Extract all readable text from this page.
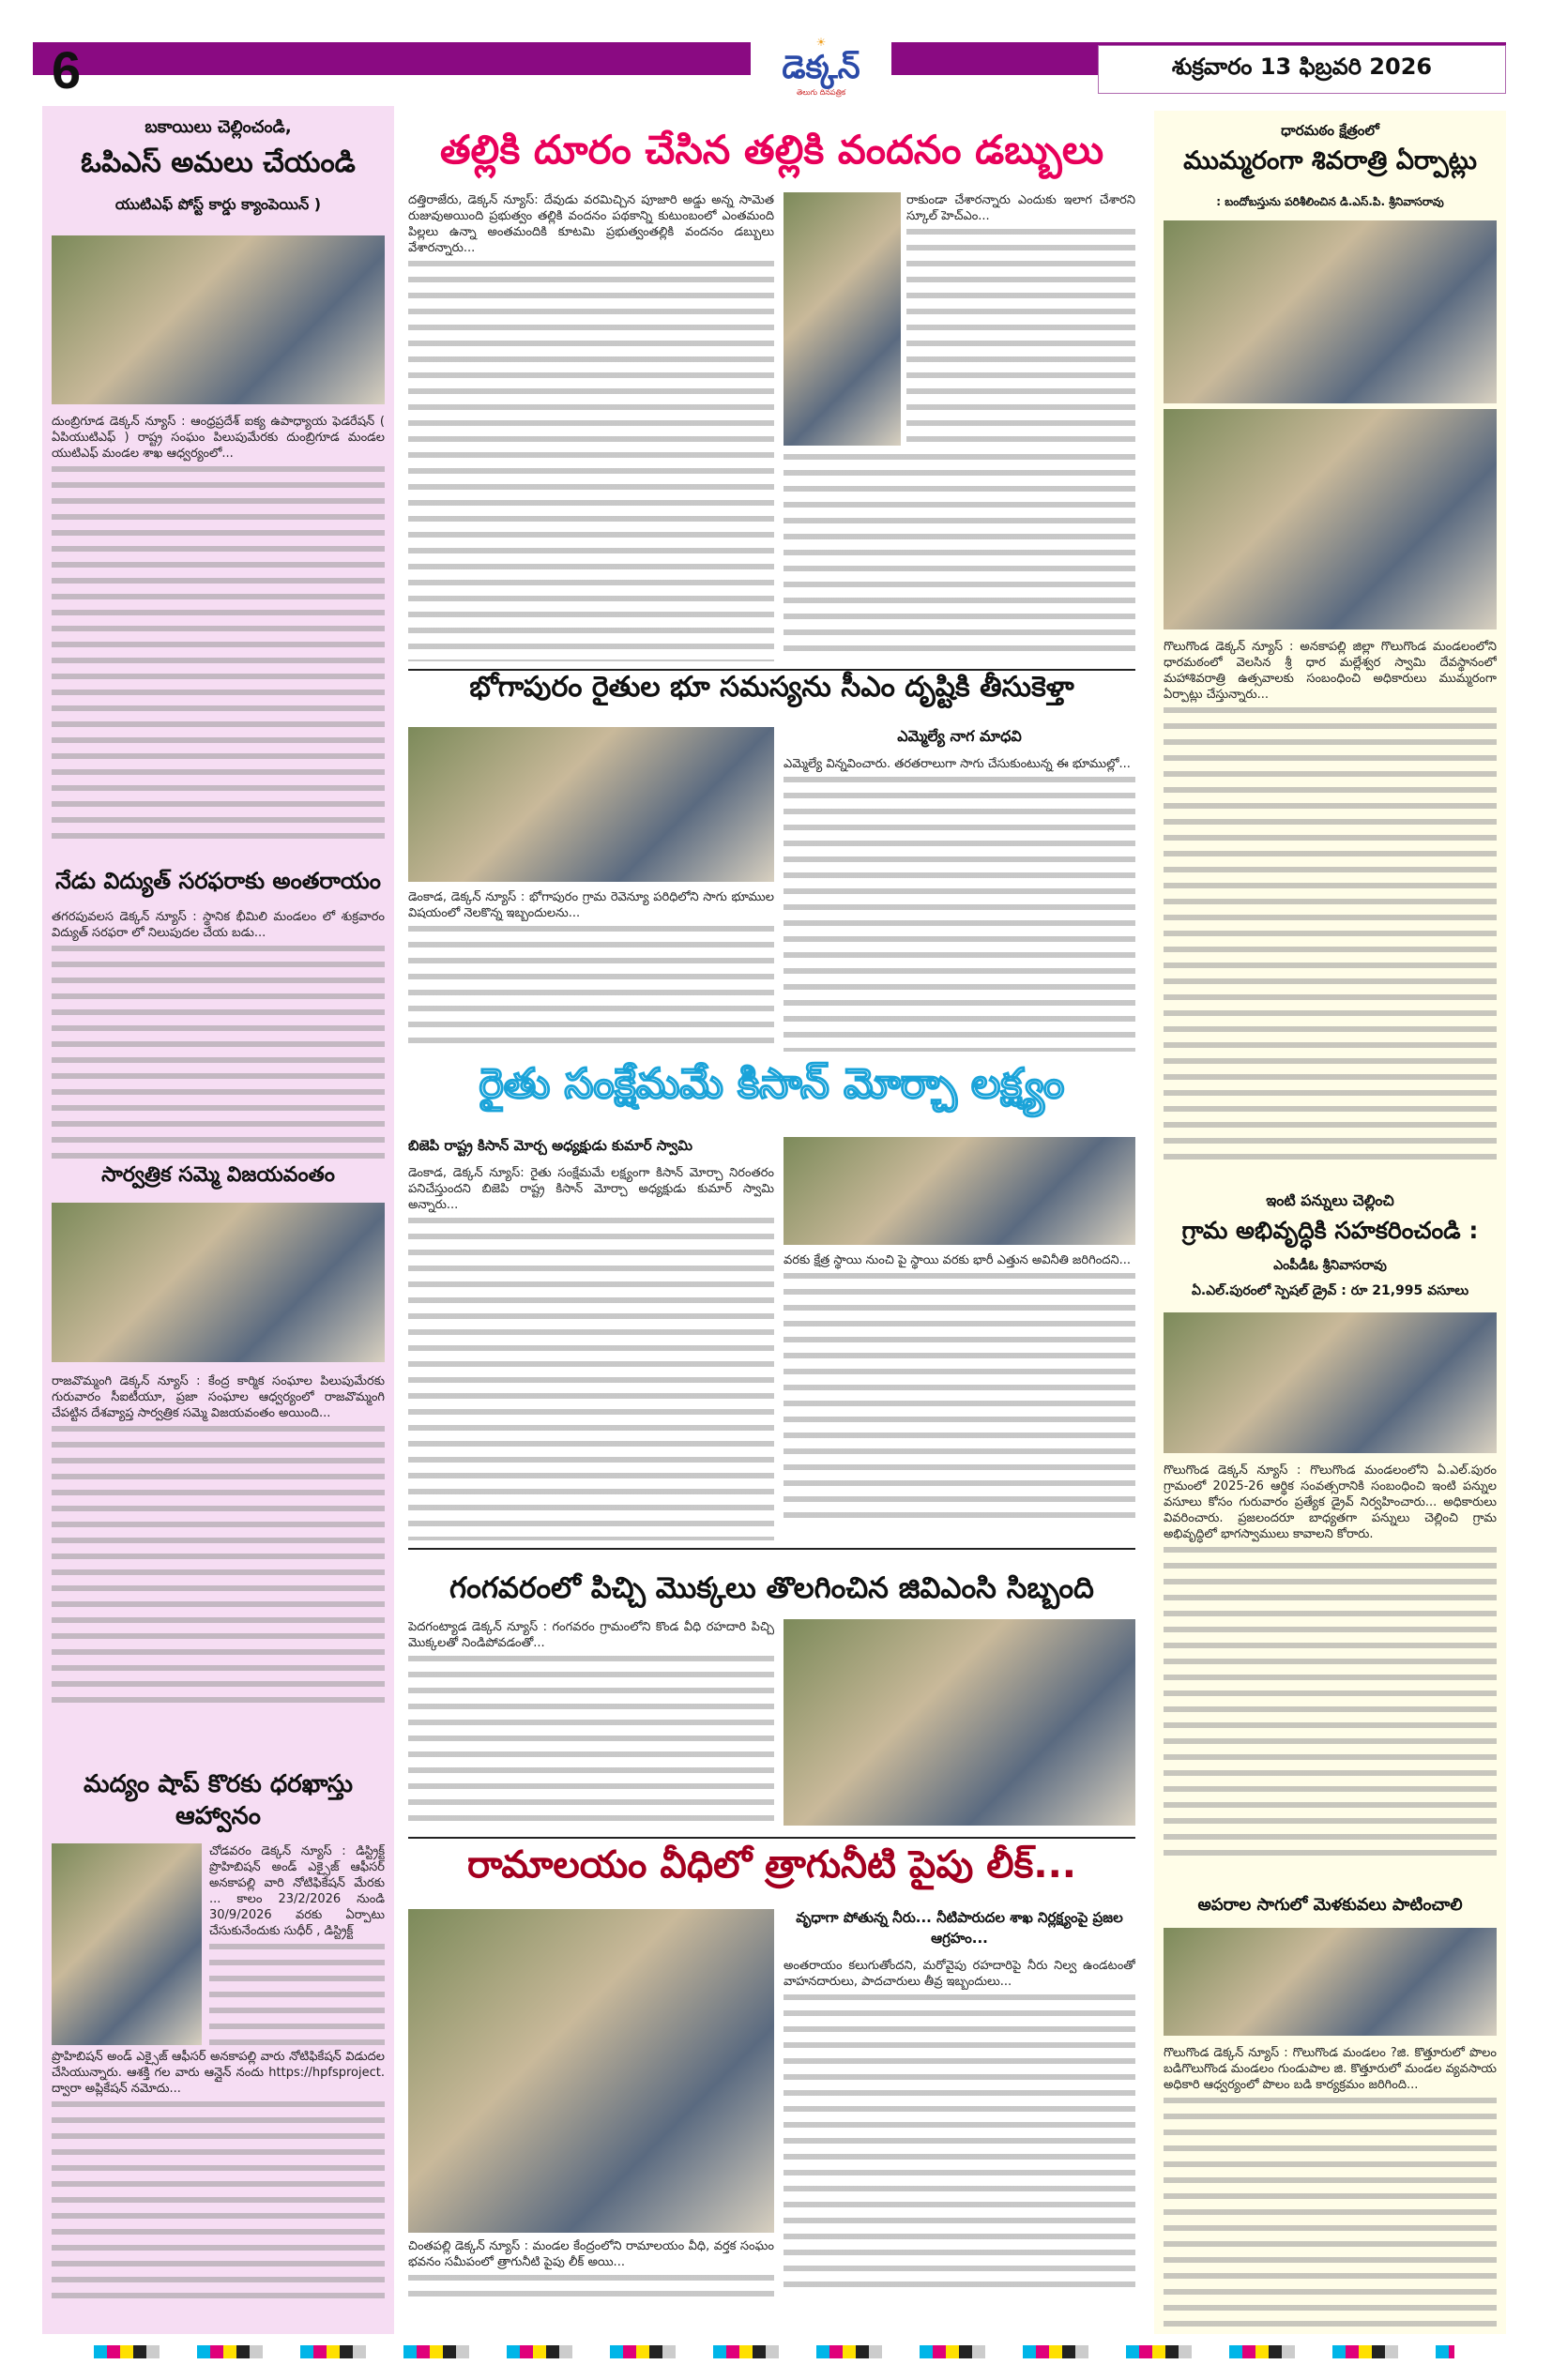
6	☀
డెక్కన్
తెలుగు దినపత్రిక
శుక్రవారం 13 ఫిబ్రవరి 2026
బకాయిలు చెల్లించండి,
ఓపిఎస్ అమలు చేయండి
యుటిఎఫ్ పోస్ట్ కార్డు క్యాంపెయిన్ )
దుంబ్రిగూడ డెక్కన్ న్యూస్ : ఆంధ్రప్రదేశ్ ఐక్య ఉపాధ్యాయ ఫెడరేషన్ ( ఏపియుటిఎఫ్ ) రాష్ట్ర సంఘం పిలుపుమేరకు దుంబ్రిగూడ మండల యుటిఎఫ్ మండల శాఖ ఆధ్వర్యంలో...
నేడు విద్యుత్ సరఫరాకు అంతరాయం
తగరపువలస డెక్కన్ న్యూస్ : స్థానిక భీమిలి మండలం లో శుక్రవారం విద్యుత్ సరఫరా లో నిలుపుదల చేయ బడు...
సార్వత్రిక సమ్మె విజయవంతం
రాజవొమ్మంగి డెక్కన్ న్యూస్ : కేంద్ర కార్మిక సంఘాల పిలుపుమేరకు గురువారం సీఐటీయూ, ప్రజా సంఘాల ఆధ్వర్యంలో రాజవొమ్మంగి చేపట్టిన దేశవ్యాప్త సార్వత్రిక సమ్మె విజయవంతం అయింది...
మద్యం షాప్ కొరకు ధరఖాస్తు ఆహ్వానం
చోడవరం డెక్కన్ న్యూస్ : డిస్ట్రిక్ట్ ప్రొహిబిషన్ అండ్ ఎక్సైజ్ ఆఫీసర్ అనకాపల్లి వారి నోటిఫికేషన్ మేరకు ... కాలం 23/2/2026 నుండి 30/9/2026 వరకు ఏర్పాటు చేసుకునేందుకు సుధీర్ , డిస్ట్రిక్ట్
ప్రొహిబిషన్ అండ్ ఎక్సైజ్ ఆఫీసర్ అనకాపల్లి వారు నోటిఫికేషన్ విడుదల చేసియున్నారు. ఆశక్తి గల వారు ఆన్లైన్ నందు https://hpfsproject. ద్వారా అప్లికేషన్ నమోదు...
తల్లికి దూరం చేసిన తల్లికి వందనం డబ్బులు
దత్తిరాజేరు, డెక్కన్ న్యూస్: దేవుడు వరమిచ్చిన పూజారి అడ్డు అన్న సామెత రుజువుఅయింది ప్రభుత్వం తల్లికి వందనం పథకాన్ని కుటుంబంలో ఎంతమంది పిల్లలు ఉన్నా అంతమందికి కూటమి ప్రభుత్వంతల్లికి వందనం డబ్బులు వేశారన్నారు...
రాకుండా చేశారన్నారు ఎందుకు ఇలాగ చేశారని స్కూల్ హెచ్ఎం...
భోగాపురం రైతుల భూ సమస్యను సీఎం దృష్టికి తీసుకెళ్తా
డెంకాడ, డెక్కన్ న్యూస్ : భోగాపురం గ్రామ రెవెన్యూ పరిధిలోని సాగు భూముల విషయంలో నెలకొన్న ఇబ్బందులను...
ఎమ్మెల్యే నాగ మాధవి
ఎమ్మెల్యే విన్నవించారు. తరతరాలుగా సాగు చేసుకుంటున్న ఈ భూముల్లో...
రైతు సంక్షేమమే కిసాన్ మోర్చా లక్ష్యం
బిజెపి రాష్ట్ర కిసాన్ మోర్చ అధ్యక్షుడు కుమార్ స్వామి
డెంకాడ, డెక్కన్ న్యూస్: రైతు సంక్షేమమే లక్ష్యంగా కిసాన్ మోర్చా నిరంతరం పనిచేస్తుందని బిజెపి రాష్ట్ర కిసాన్ మోర్చా అధ్యక్షుడు కుమార్ స్వామి అన్నారు...
వరకు క్షేత్ర స్థాయి నుంచి పై స్థాయి వరకు భారీ ఎత్తున అవినీతి జరిగిందని...
గంగవరంలో పిచ్చి మొక్కలు తొలగించిన జివిఎంసి సిబ్బంది
పెదగంట్యాడ డెక్కన్ న్యూస్ : గంగవరం గ్రామంలోని కొండ వీధి రహదారి పిచ్చి మొక్కలతో నిండిపోవడంతో...
రామాలయం వీధిలో త్రాగునీటి పైపు లీక్...
చింతపల్లి డెక్కన్ న్యూస్ : మండల కేంద్రంలోని రామాలయం వీధి, వర్తక సంఘం భవనం సమీపంలో త్రాగునీటి పైపు లీక్ అయి...
వృధాగా పోతున్న నీరు... నీటిపారుదల శాఖ నిర్లక్ష్యంపై ప్రజల ఆగ్రహం...
అంతరాయం కలుగుతోందని, మరోవైపు రహదారిపై నీరు నిల్వ ఉండటంతో వాహనదారులు, పాదచారులు తీవ్ర ఇబ్బందులు...
ధారమఠం క్షేత్రంలో
ముమ్మరంగా శివరాత్రి ఏర్పాట్లు
: బందోబస్తును పరిశీలించిన డి.ఎస్.పి. శ్రీనివాసరావు
గొలుగొండ డెక్కన్ న్యూస్ : అనకాపల్లి జిల్లా గొలుగొండ మండలంలోని ధారమఠంలో వెలసిన శ్రీ ధార మల్లేశ్వర స్వామి దేవస్థానంలో మహాశివరాత్రి ఉత్సవాలకు సంబంధించి అధికారులు ముమ్మరంగా ఏర్పాట్లు చేస్తున్నారు...
ఇంటి పన్నులు చెల్లించి
గ్రామ అభివృద్ధికి సహకరించండి :
ఎంపీడీఓ శ్రీనివాసరావు
ఏ.ఎల్.పురంలో స్పెషల్ డ్రైవ్ : రూ 21,995 వసూలు
గొలుగొండ డెక్కన్ న్యూస్ : గొలుగొండ మండలంలోని ఏ.ఎల్.పురం గ్రామంలో 2025-26 ఆర్థిక సంవత్సరానికి సంబంధించి ఇంటి పన్నుల వసూలు కోసం గురువారం ప్రత్యేక డ్రైవ్ నిర్వహించారు... అధికారులు వివరించారు. ప్రజలందరూ బాధ్యతగా పన్నులు చెల్లించి గ్రామ అభివృద్ధిలో భాగస్వాములు కావాలని కోరారు.
అపరాల సాగులో మెళకువలు పాటించాలి
గొలుగొండ డెక్కన్ న్యూస్ : గొలుగొండ మండలం ?జి. కొత్తూరులో పొలం బడిగొలుగొండ మండలం గుండుపాల జి. కొత్తూరులో మండల వ్యవసాయ అధికారి ఆధ్వర్యంలో పొలం బడి కార్యక్రమం జరిగింది...
